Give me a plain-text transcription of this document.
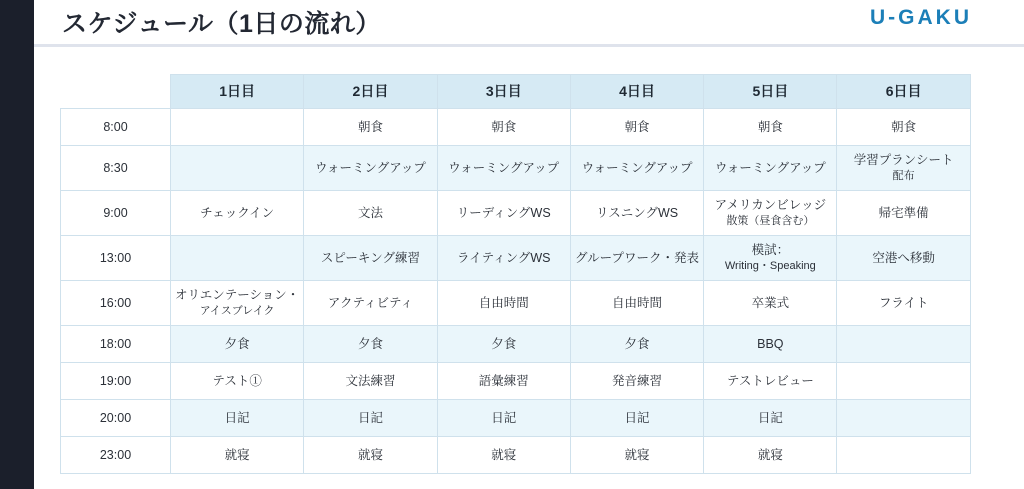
スケジュール（1日の流れ）	U-GAKU
	1日目	2日目	3日目	4日目	5日目	6日目
8:00		朝食	朝食	朝食	朝食	朝食

8:30		ウォーミングアップ	ウォーミングアップ	ウォーミングアップ	ウォーミングアップ	学習プランシート
配布

9:00	チェックイン	文法	リーディングWS	リスニングWS	アメリカンビレッジ
散策（昼食含む）	帰宅準備

13:00		スピーキング練習	ライティングWS	グループワーク・発表	模試：
Writing・Speaking	空港へ移動

16:00	オリエンテーション・
アイスブレイク	アクティビティ	自由時間	自由時間	卒業式	フライト

18:00	夕食	夕食	夕食	夕食	BBQ	

19:00	テスト①	文法練習	語彙練習	発音練習	テストレビュー	

20:00	日記	日記	日記	日記	日記	

23:00	就寝	就寝	就寝	就寝	就寝	
